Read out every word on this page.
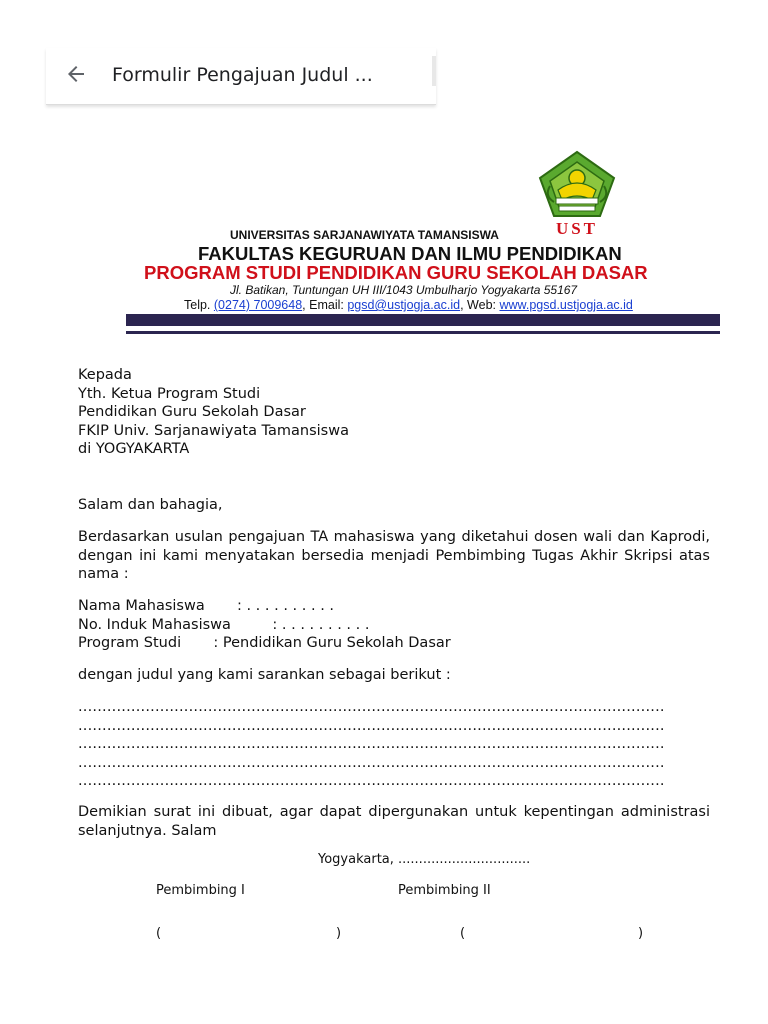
Formulir Pengajuan Judul ...
UST
UNIVERSITAS SARJANAWIYATA TAMANSISWA
FAKULTAS KEGURUAN DAN ILMU PENDIDIKAN
PROGRAM STUDI PENDIDIKAN GURU SEKOLAH DASAR
Jl. Batikan, Tuntungan UH III/1043 Umbulharjo Yogyakarta 55167
Telp. (0274) 7009648, Email: pgsd@ustjogja.ac.id, Web: www.pgsd.ustjogja.ac.id
Kepada
Yth. Ketua Program Studi
Pendidikan Guru Sekolah Dasar
FKIP Univ. Sarjanawiyata Tamansiswa
di YOGYAKARTA
Salam dan bahagia,
Berdasarkan usulan pengajuan TA mahasiswa yang diketahui dosen wali dan Kaprodi, dengan ini kami menyatakan bersedia menjadi Pembimbing Tugas Akhir Skripsi atas nama :
Nama Mahasiswa       : . . . . . . . . . .
No. Induk Mahasiswa         : . . . . . . . . . .
Program Studi       : Pendidikan Guru Sekolah Dasar
dengan judul yang kami sarankan sebagai berikut :
..........................................................................................................................
..........................................................................................................................
..........................................................................................................................
..........................................................................................................................
..........................................................................................................................
Demikian surat ini dibuat, agar dapat dipergunakan untuk kepentingan administrasi selanjutnya. Salam
Yogyakarta, ................................
Pembimbing I	Pembimbing II
(	)	(	)
